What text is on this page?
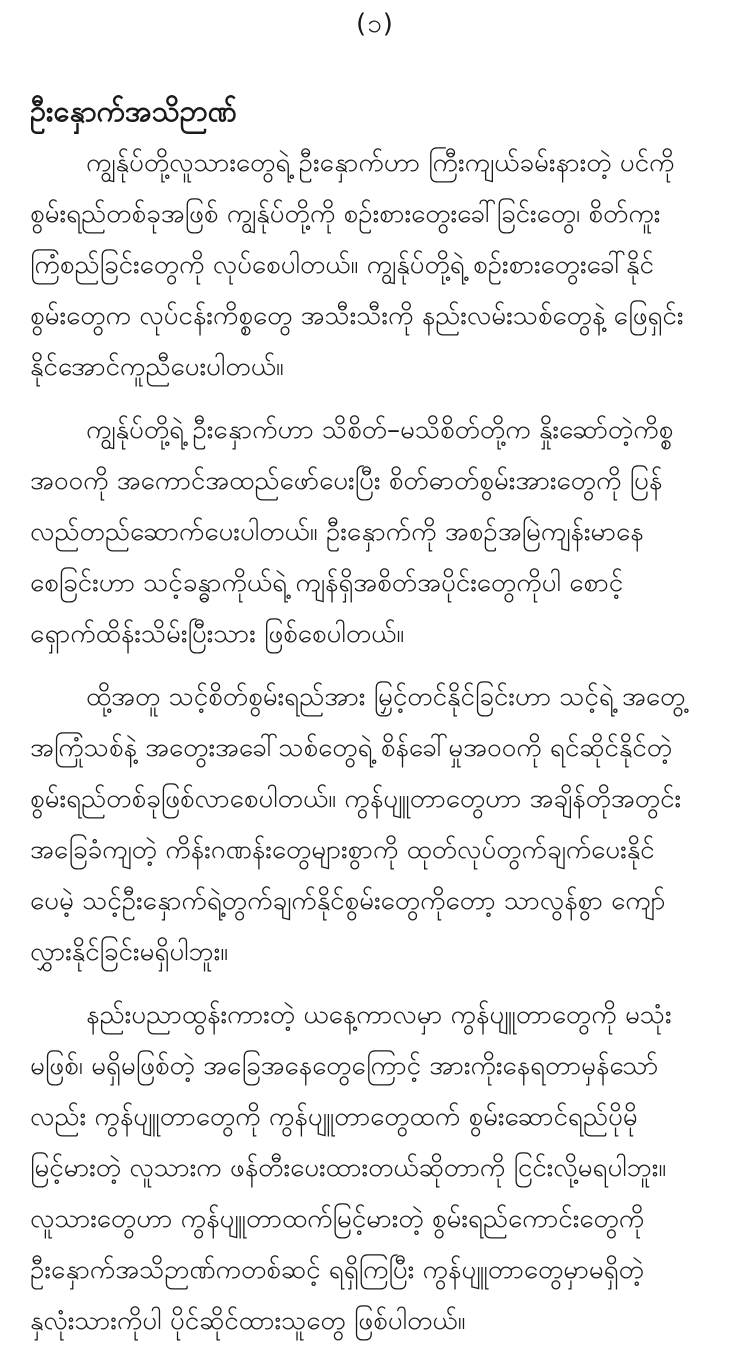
(၁)
ဦးနှောက်အသိဉာဏ်
ကျွန်ုပ်တို့လူသားတွေရဲ့ ဦးနှောက်ဟာ ကြီးကျယ်ခမ်းနားတဲ့ ပင်ကို
စွမ်းရည်တစ်ခုအဖြစ် ကျွန်ုပ်တို့ကို စဉ်းစားတွေးခေါ်ခြင်းတွေ၊ စိတ်ကူး
ကြံစည်ခြင်းတွေကို လုပ်စေပါတယ်။ ကျွန်ုပ်တို့ရဲ့ စဉ်းစားတွေးခေါ်နိုင်
စွမ်းတွေက လုပ်ငန်းကိစ္စတွေ အသီးသီးကို နည်းလမ်းသစ်တွေနဲ့ ဖြေရှင်း
နိုင်အောင်ကူညီပေးပါတယ်။
ကျွန်ုပ်တို့ရဲ့ ဦးနှောက်ဟာ သိစိတ်–မသိစိတ်တို့က နှိုးဆော်တဲ့ကိစ္စ
အဝဝကို အကောင်အထည်ဖော်ပေးပြီး စိတ်ဓာတ်စွမ်းအားတွေကို ပြန်
လည်တည်ဆောက်ပေးပါတယ်။ ဦးနှောက်ကို အစဉ်အမြဲကျန်းမာနေ
စေခြင်းဟာ သင့်ခန္ဓာကိုယ်ရဲ့ ကျန်ရှိအစိတ်အပိုင်းတွေကိုပါ စောင့်
ရှောက်ထိန်းသိမ်းပြီးသား ဖြစ်စေပါတယ်။
ထို့အတူ သင့်စိတ်စွမ်းရည်အား မြှင့်တင်နိုင်ခြင်းဟာ သင့်ရဲ့ အတွေ့
အကြုံသစ်နဲ့ အတွေးအခေါ်သစ်တွေရဲ့ စိန်ခေါ်မှုအဝဝကို ရင်ဆိုင်နိုင်တဲ့
စွမ်းရည်တစ်ခုဖြစ်လာစေပါတယ်။ ကွန်ပျူတာတွေဟာ အချိန်တိုအတွင်း
အခြေခံကျတဲ့ ကိန်းဂဏန်းတွေများစွာကို ထုတ်လုပ်တွက်ချက်ပေးနိုင်
ပေမဲ့ သင့်ဦးနှောက်ရဲ့တွက်ချက်နိုင်စွမ်းတွေကိုတော့ သာလွန်စွာ ကျော်
လွှားနိုင်ခြင်းမရှိပါဘူး။
နည်းပညာထွန်းကားတဲ့ ယနေ့ကာလမှာ ကွန်ပျူတာတွေကို မသုံး
မဖြစ်၊ မရှိမဖြစ်တဲ့ အခြေအနေတွေကြောင့် အားကိုးနေရတာမှန်သော်
လည်း ကွန်ပျူတာတွေကို ကွန်ပျူတာတွေထက် စွမ်းဆောင်ရည်ပိုမို
မြင့်မားတဲ့ လူသားက ဖန်တီးပေးထားတယ်ဆိုတာကို ငြင်းလို့မရပါဘူး။
လူသားတွေဟာ ကွန်ပျူတာထက်မြင့်မားတဲ့ စွမ်းရည်ကောင်းတွေကို
ဦးနှောက်အသိဉာဏ်ကတစ်ဆင့် ရရှိကြပြီး ကွန်ပျူတာတွေမှာမရှိတဲ့
နှလုံးသားကိုပါ ပိုင်ဆိုင်ထားသူတွေ ဖြစ်ပါတယ်။
